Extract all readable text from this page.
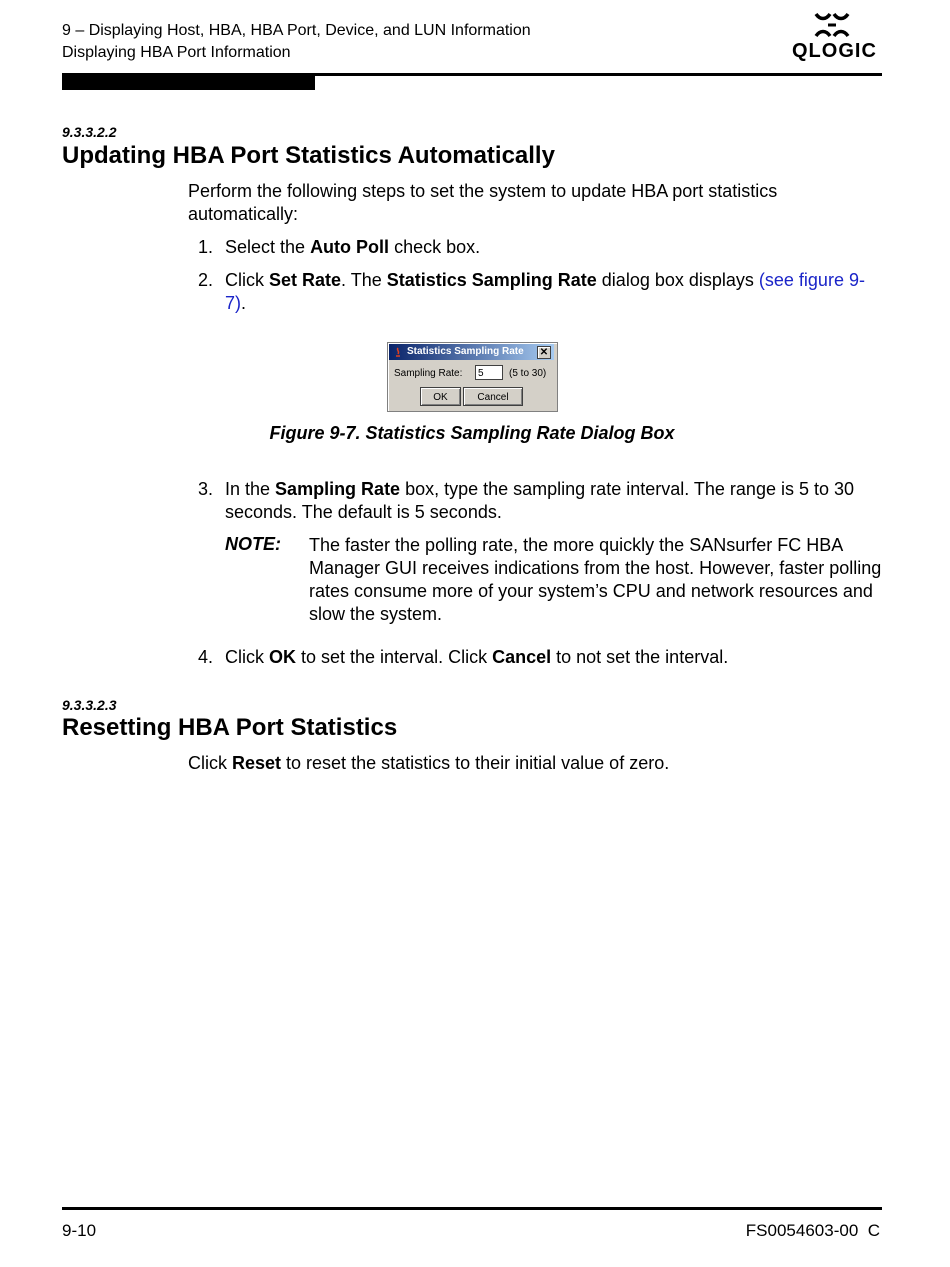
9 – Displaying Host, HBA, HBA Port, Device, and LUN Information
Displaying HBA Port Information	QLOGIC
9.3.3.2.2
Updating HBA Port Statistics Automatically
Perform the following steps to set the system to update HBA port statistics automatically:
1. Select the Auto Poll check box.
2. Click Set Rate. The Statistics Sampling Rate dialog box displays (see figure 9-7).
Statistics Sampling Rate ✕
Sampling Rate:	5	(5 to 30)
OK	Cancel
Figure 9-7. Statistics Sampling Rate Dialog Box
3. In the Sampling Rate box, type the sampling rate interval. The range is 5 to 30 seconds. The default is 5 seconds.
NOTE: The faster the polling rate, the more quickly the SANsurfer FC HBA Manager GUI receives indications from the host. However, faster polling rates consume more of your system’s CPU and network resources and slow the system.
4. Click OK to set the interval. Click Cancel to not set the interval.
9.3.3.2.3
Resetting HBA Port Statistics
Click Reset to reset the statistics to their initial value of zero.
9-10	FS0054603-00  C
